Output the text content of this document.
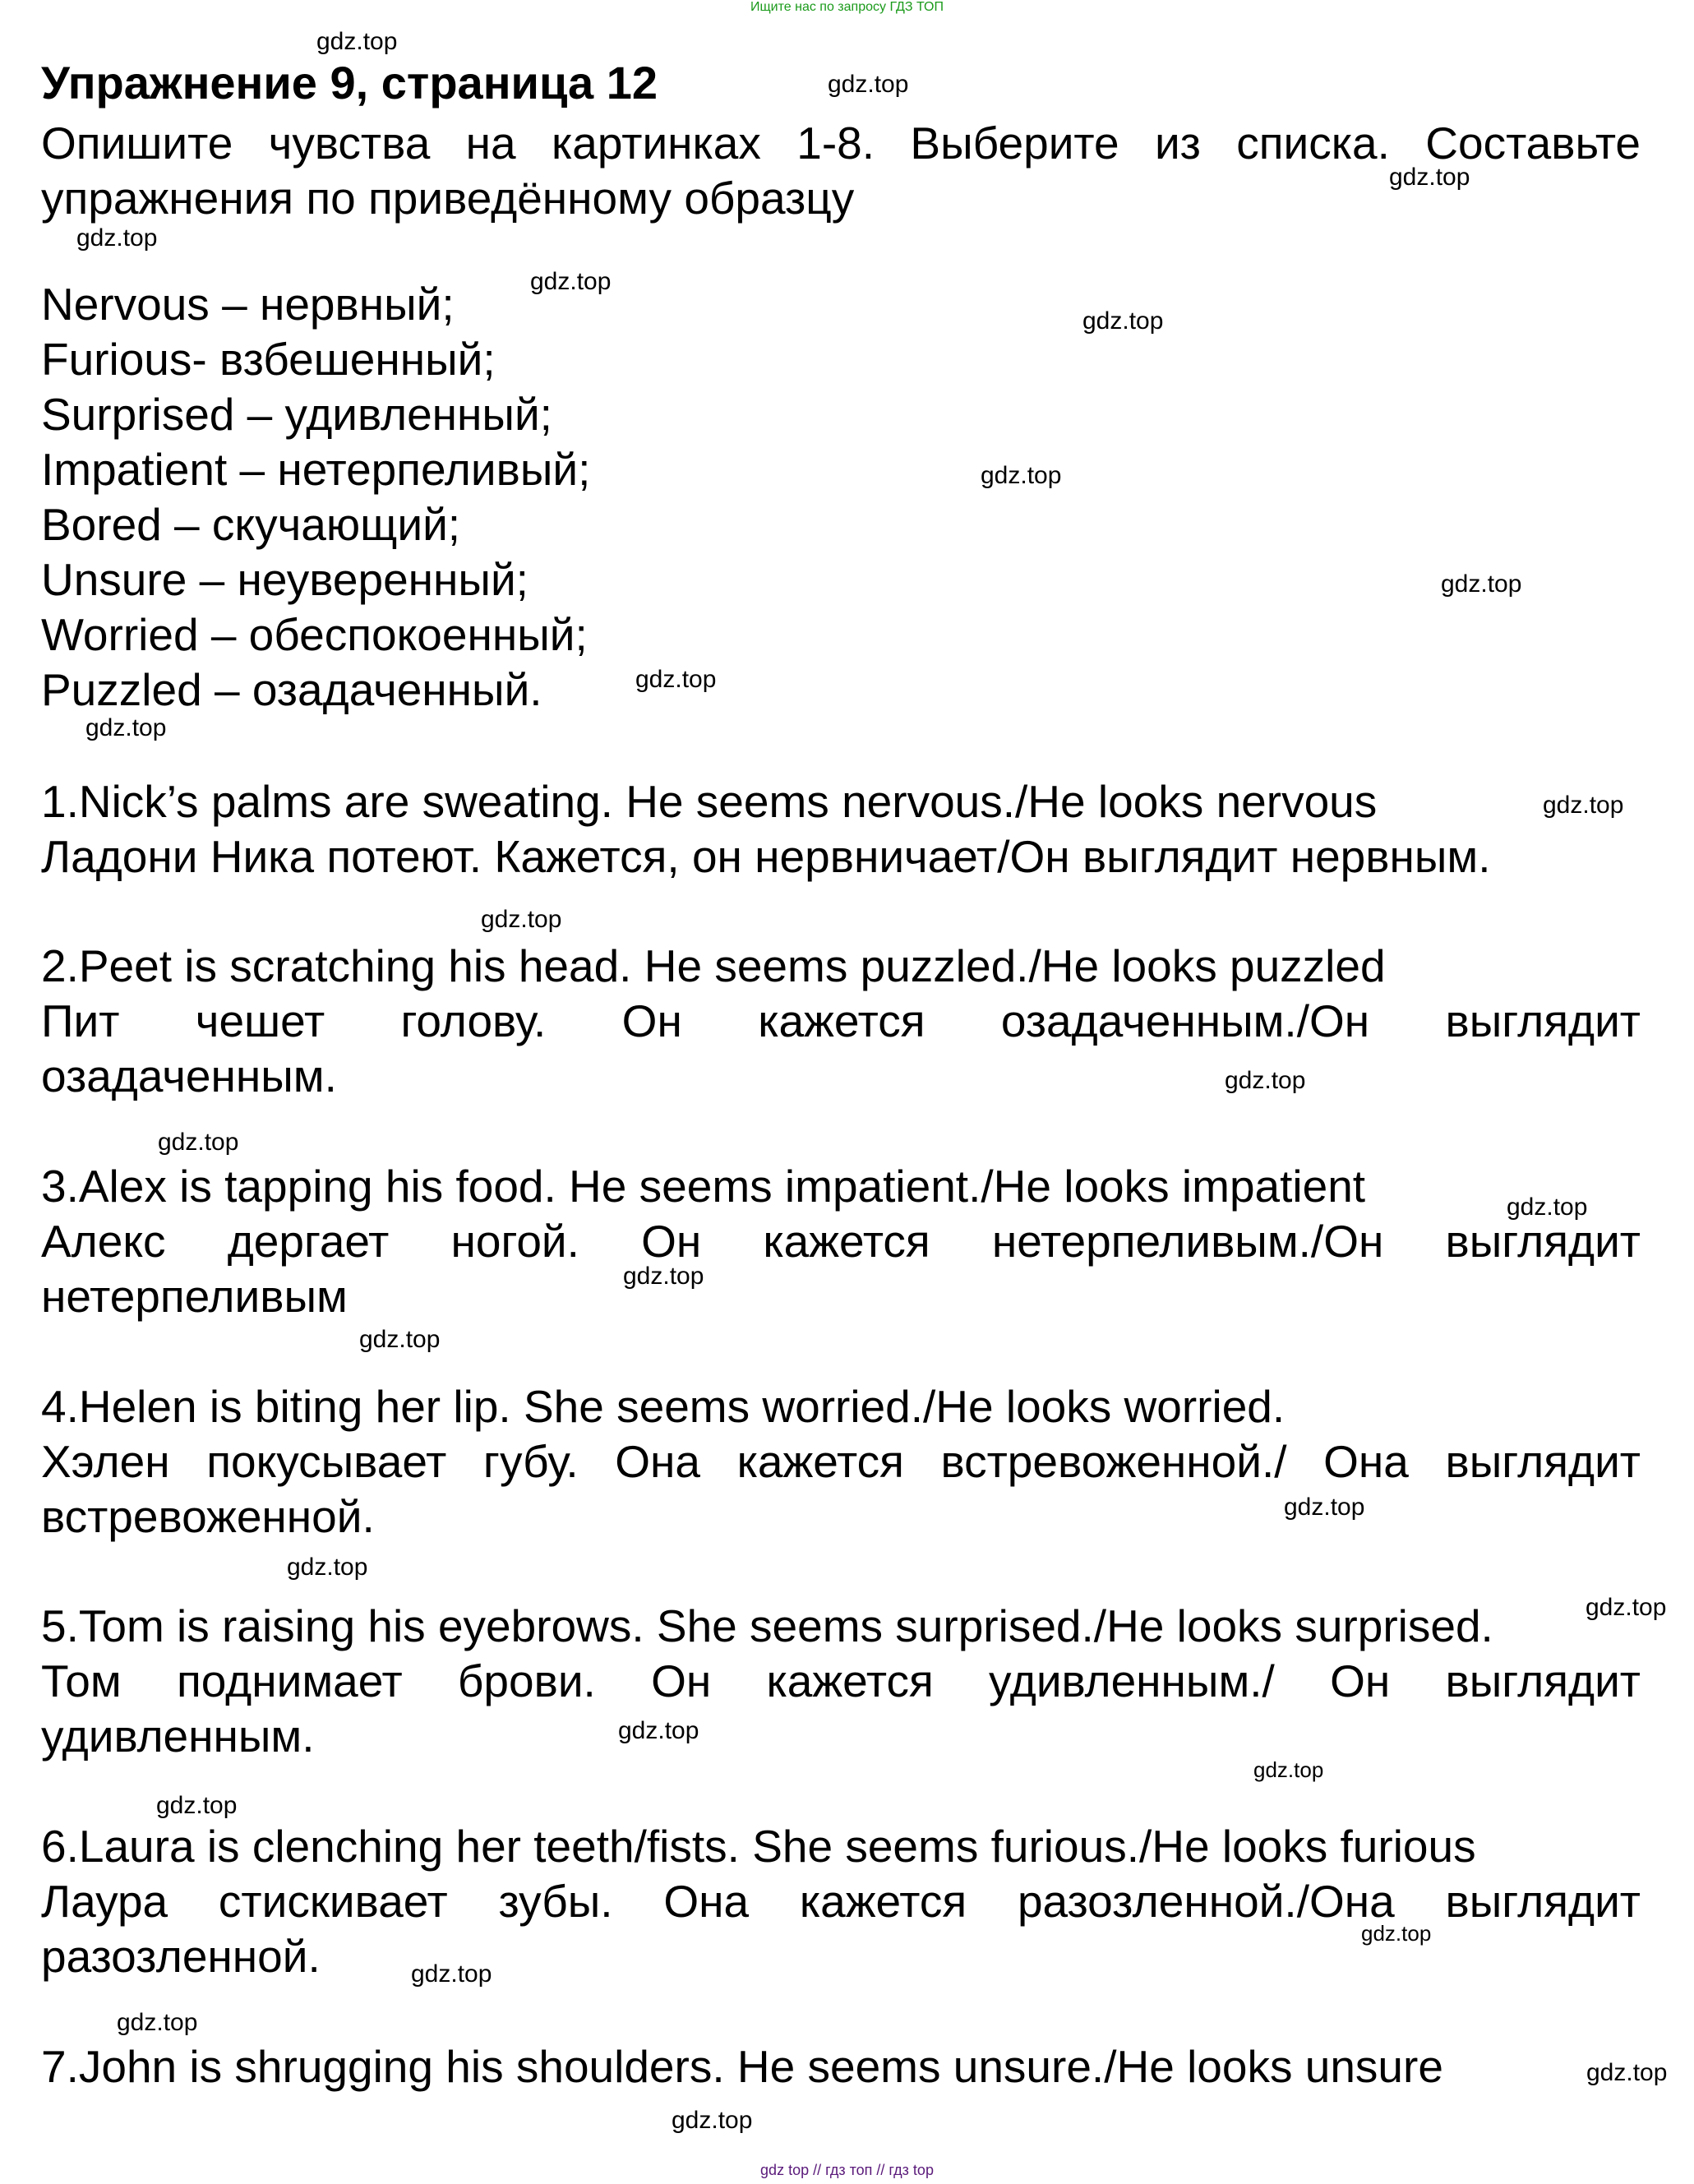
Ищите нас по запросу ГДЗ ТОП
Упражнение 9, страница 12
Опишите чувства на картинках 1-8. Выберите из списка. Составьте
упражнения по приведённому образцу
Nervous – нервный;
Furious- взбешенный;
Surprised – удивленный;
Impatient – нетерпеливый;
Bored – скучающий;
Unsure – неуверенный;
Worried – обеспокоенный;
Puzzled – озадаченный.
1.Nick’s palms are sweating. He seems nervous./He looks nervous
Ладони Ника потеют. Кажется, он нервничает/Он выглядит нервным.
2.Peet is scratching his head. He seems puzzled./He looks puzzled
Пит чешет голову. Он кажется озадаченным./Он выглядит
озадаченным.
3.Alex is tapping his food. He seems impatient./He looks impatient
Алекс дергает ногой. Он кажется нетерпеливым./Он выглядит
нетерпеливым
4.Helen is biting her lip. She seems worried./He looks worried.
Хэлен покусывает губу. Она кажется встревоженной./ Она выглядит
встревоженной.
5.Tom is raising his eyebrows. She seems surprised./He looks surprised.
Том поднимает брови. Он кажется удивленным./ Он выглядит
удивленным.
6.Laura is clenching her teeth/fists. She seems furious./He looks furious
Лаура стискивает зубы. Она кажется разозленной./Она выглядит
разозленной.
7.John is shrugging his shoulders. He seems unsure./He looks unsure
gdz.top
gdz.top
gdz.top
gdz.top
gdz.top
gdz.top
gdz.top
gdz.top
gdz.top
gdz.top
gdz.top
gdz.top
gdz.top
gdz.top
gdz.top
gdz.top
gdz.top
gdz.top
gdz.top
gdz.top
gdz.top
gdz.top
gdz.top
gdz.top
gdz.top
gdz.top
gdz.top
gdz.top
gdz top // гдз топ // гдз top
